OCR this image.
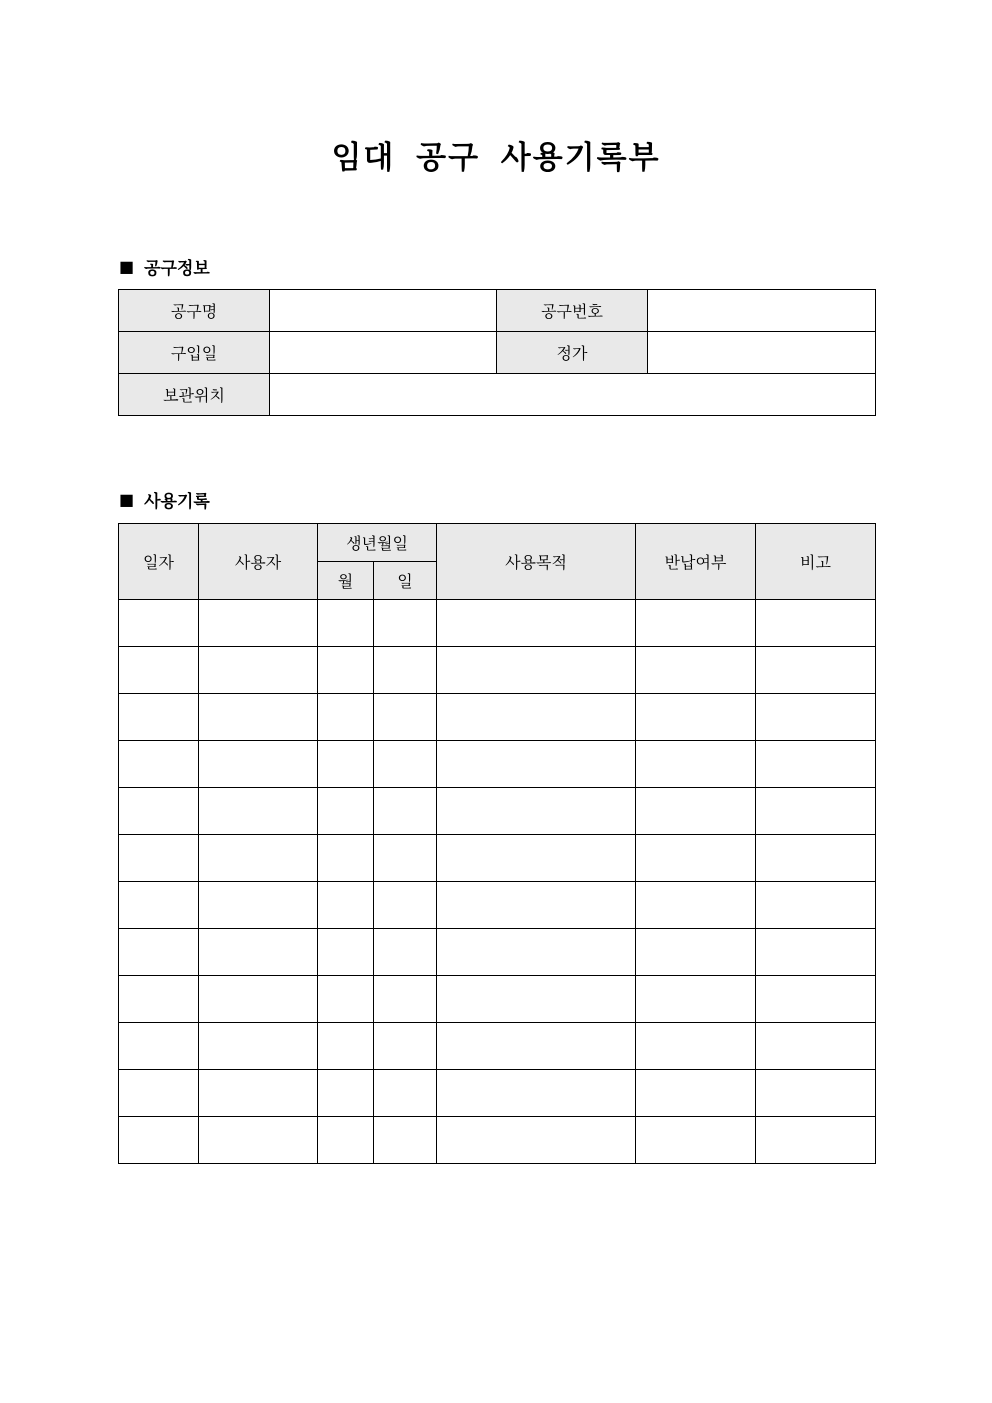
임대 공구 사용기록부
■ 공구정보
공구명		공구번호	
구입일		정가	
보관위치			
■ 사용기록
일자	사용자	생년월일		사용목적	반납여부	비고
		월	일			
